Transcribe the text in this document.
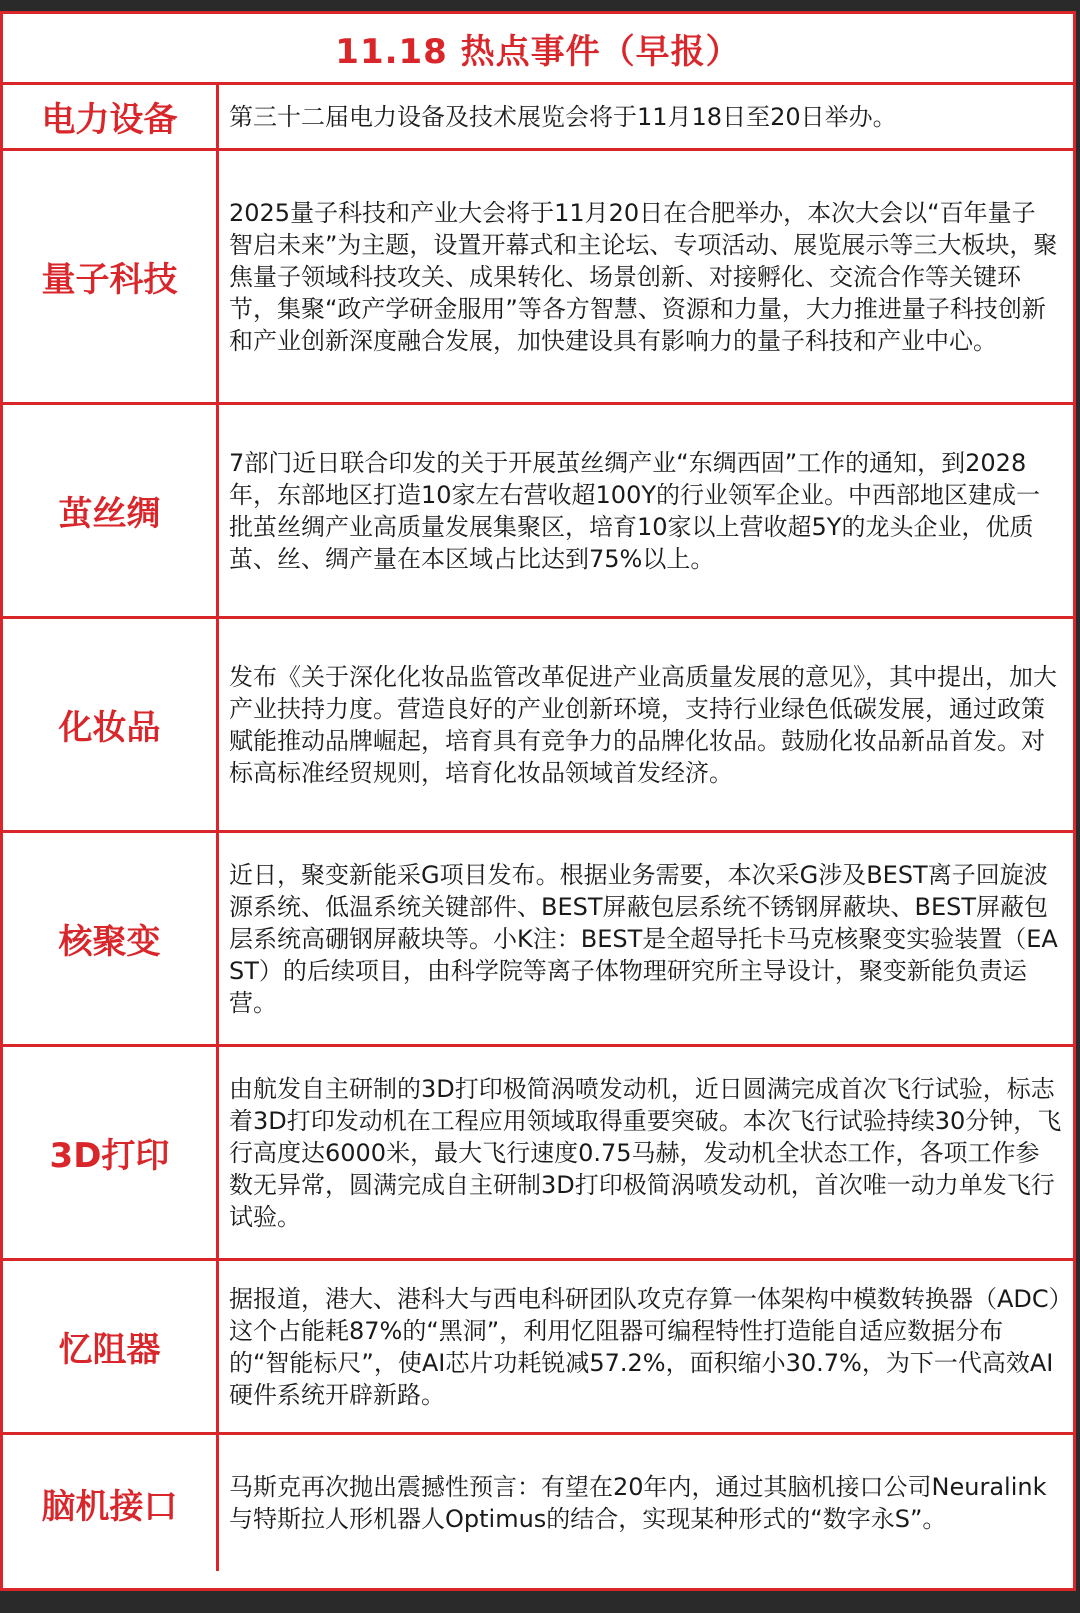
11.18 热点事件（早报）
电力设备 第三十二届电力设备及技术展览会将于11月18日至20日举办。

量子科技

2025量子科技和产业大会将于11月20日在合肥举办，本次大会以“百年量子 智启未来”为主题，设置开幕式和主论坛、专项活动、展览展示等三大板块，聚焦量子领域科技攻关、成果转化、场景创新、对接孵化、交流合作等关键环节，集聚“政产学研金服用”等各方智慧、资源和力量，大力推进量子科技创新和产业创新深度融合发展，加快建设具有影响力的量子科技和产业中心。

茧丝绸

7部门近日联合印发的关于开展茧丝绸产业“东绸西固”工作的通知，到2028年，东部地区打造10家左右营收超100Y的行业领军企业。中西部地区建成一批茧丝绸产业高质量发展集聚区，培育10家以上营收超5Y的龙头企业，优质茧、丝、绸产量在本区域占比达到75%以上。

化妆品

发布《关于深化化妆品监管改革促进产业高质量发展的意见》，其中提出，加大产业扶持力度。营造良好的产业创新环境，支持行业绿色低碳发展，通过政策赋能推动品牌崛起，培育具有竞争力的品牌化妆品。鼓励化妆品新品首发。对标高标准经贸规则，培育化妆品领域首发经济。

核聚变

近日，聚变新能采G项目发布。根据业务需要，本次采G涉及BEST离子回旋波源系统、低温系统关键部件、BEST屏蔽包层系统不锈钢屏蔽块、BEST屏蔽包层系统高硼钢屏蔽块等。小K注：BEST是全超导托卡马克核聚变实验装置（EAST）的后续项目，由科学院等离子体物理研究所主导设计，聚变新能负责运营。

3D打印

由航发自主研制的3D打印极简涡喷发动机，近日圆满完成首次飞行试验，标志着3D打印发动机在工程应用领域取得重要突破。本次飞行试验持续30分钟，飞行高度达6000米，最大飞行速度0.75马赫，发动机全状态工作，各项工作参数无异常，圆满完成自主研制3D打印极简涡喷发动机，首次唯一动力单发飞行试验。

忆阻器

据报道，港大、港科大与西电科研团队攻克存算一体架构中模数转换器（ADC）这个占能耗87%的“黑洞”，利用忆阻器可编程特性打造能自适应数据分布的“智能标尺”，使AI芯片功耗锐减57.2%，面积缩小30.7%，为下一代高效AI硬件系统开辟新路。

脑机接口 马斯克再次抛出震撼性预言：有望在20年内，通过其脑机接口公司Neuralink与特斯拉人形机器人Optimus的结合，实现某种形式的“数字永S”。
